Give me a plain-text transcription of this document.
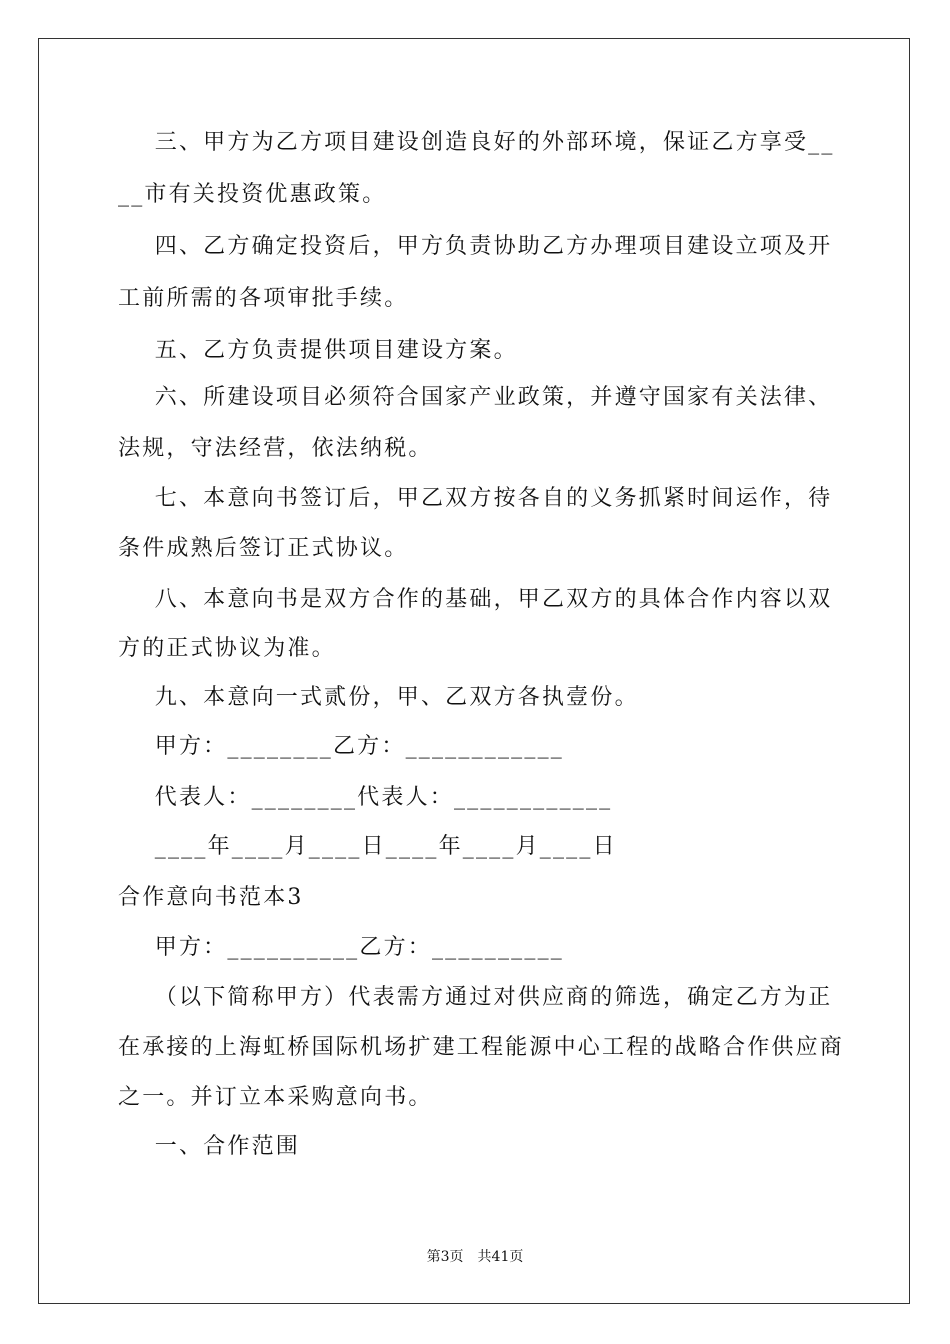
三、甲方为乙方项目建设创造良好的外部环境，保证乙方享受__
__市有关投资优惠政策。
四、乙方确定投资后，甲方负责协助乙方办理项目建设立项及开
工前所需的各项审批手续。
五、乙方负责提供项目建设方案。
六、所建设项目必须符合国家产业政策，并遵守国家有关法律、
法规，守法经营，依法纳税。
七、本意向书签订后，甲乙双方按各自的义务抓紧时间运作，待
条件成熟后签订正式协议。
八、本意向书是双方合作的基础，甲乙双方的具体合作内容以双
方的正式协议为准。
九、本意向一式贰份，甲、乙双方各执壹份。
甲方：________乙方：____________
代表人：________代表人：____________
____年____月____日____年____月____日
合作意向书范本3
甲方：__________乙方：__________
（以下简称甲方）代表需方通过对供应商的筛选，确定乙方为正
在承接的上海虹桥国际机场扩建工程能源中心工程的战略合作供应商
之一。并订立本采购意向书。
一、合作范围
第3页　共41页
